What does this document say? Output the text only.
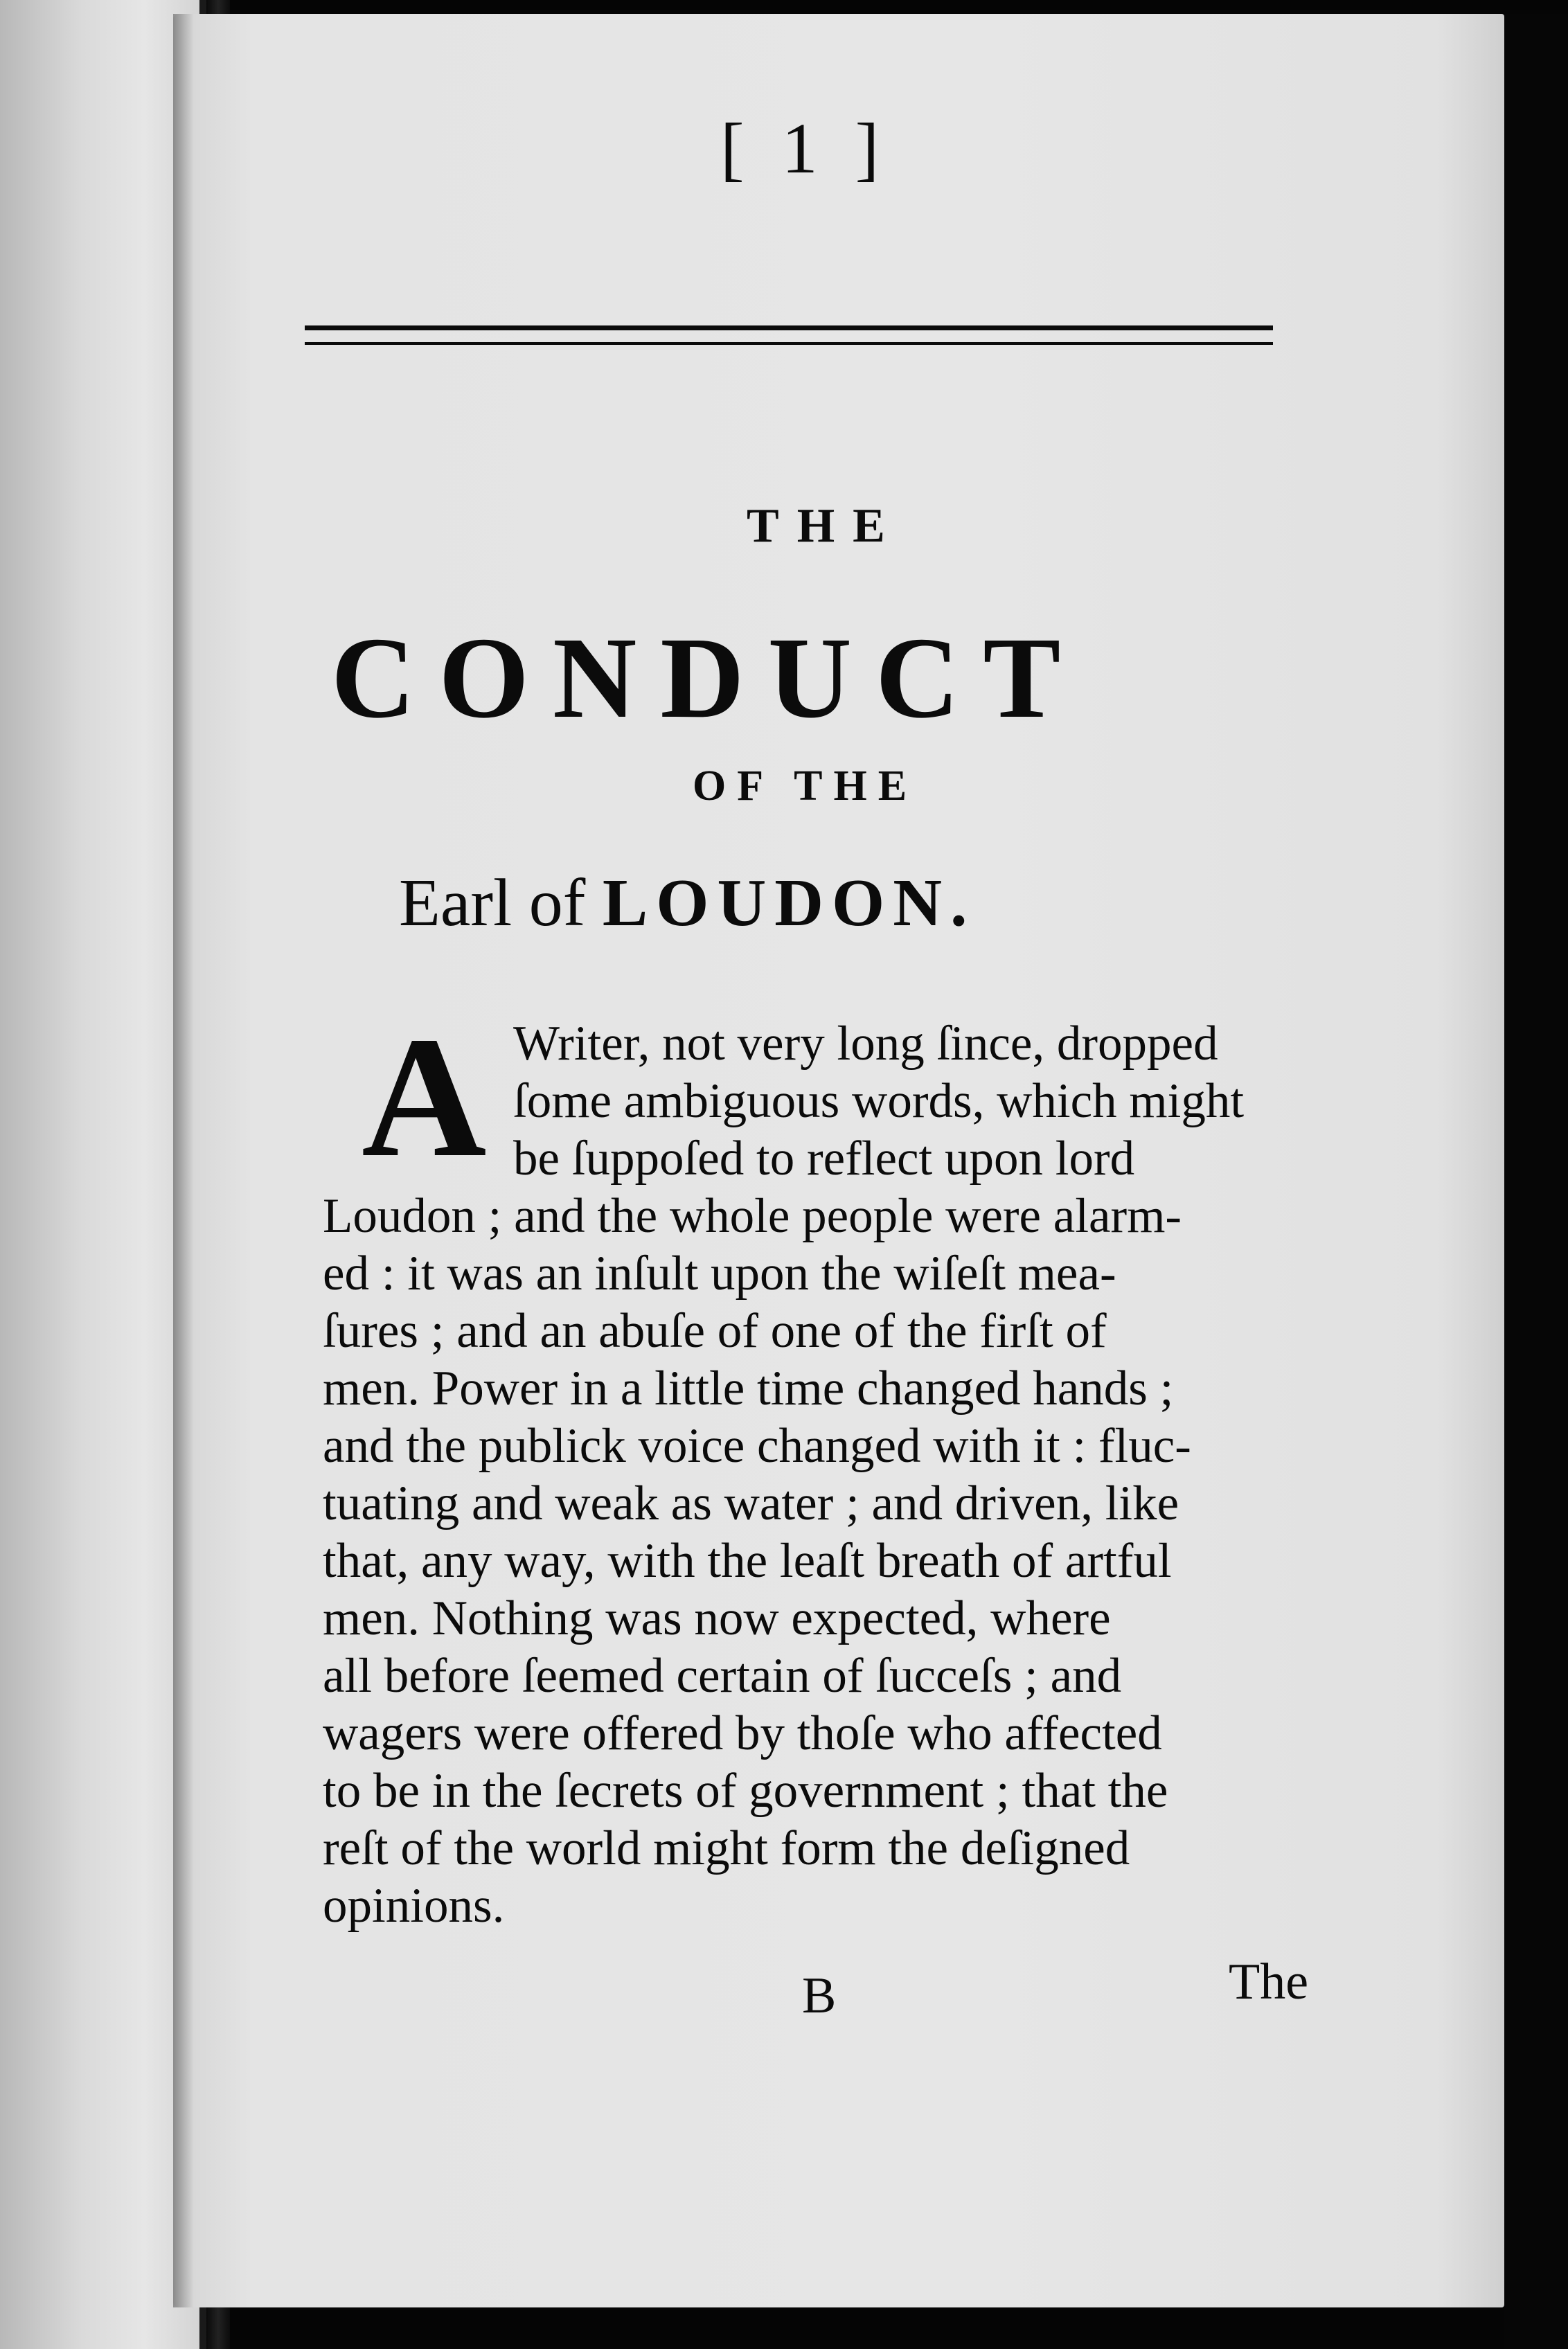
[ 1 ]
THE
CONDUCT
OF THE
Earl of LOUDON.
A Writer, not very long ſince, dropped
ſome ambiguous words, which might
be ſuppoſed to reflect upon lord
Loudon ; and the whole people were alarm-
ed : it was an inſult upon the wiſeſt mea-
ſures ; and an abuſe of one of the firſt of
men. Power in a little time changed hands ;
and the publick voice changed with it : fluc-
tuating and weak as water ; and driven, like
that, any way, with the leaſt breath of artful
men. Nothing was now expected, where
all before ſeemed certain of ſucceſs ; and
wagers were offered by thoſe who affected
to be in the ſecrets of government ; that the
reſt of the world might form the deſigned
opinions.
B	The
